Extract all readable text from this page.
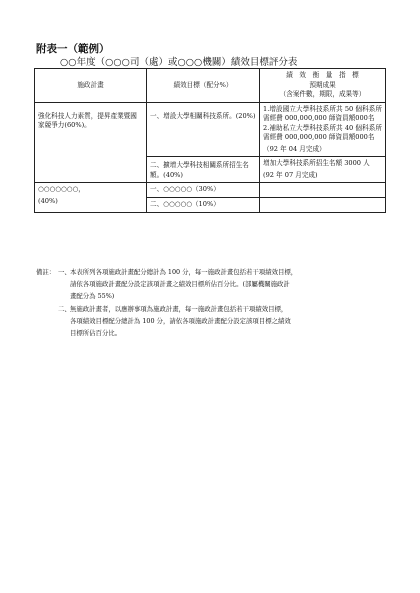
附表一（範例）
○○年度（○○○司（處）或○○○機關）績效目標評分表
施政計畫	績效目標（配分%）	績　效　衡　量　指　標
預期成果
（含案件數，期限，成果等）

強化科技人力素質，提昇產業暨國家競爭力(60%)。	一、增設大學相關科技系所。(20%)	1.增設國立大學科技系所共 50 個科系所需經費 000,000,000 師資員額000名
2.補助私立大學科技系所共 40 個科系所需經費 000,000,000 師資員額000名
（92 年 04 月完成）

	二、擴增大學科技相關系所招生名額。(40%)	增加大學科技系所招生名額 3000 人
(92 年 07 月完成)

○○○○○○○，
(40%)	一、○○○○○（30%）	
	二、○○○○○（10%）	
備註： 一、 本表所列各項施政計畫配分總計為 100 分，每一施政計畫包括若干項績效目標，
請依各項施政計畫配分設定該項計畫之績效目標所佔百分比。(部屬機關施政計
畫配分為 55%)
二、 無施政計畫者，以應辦事項為施政計畫，每一施政計畫包括若干項績效目標，
各項績效目標配分總計為 100 分，請依各項施政計畫配分設定該項目標之績效
目標所佔百分比。
